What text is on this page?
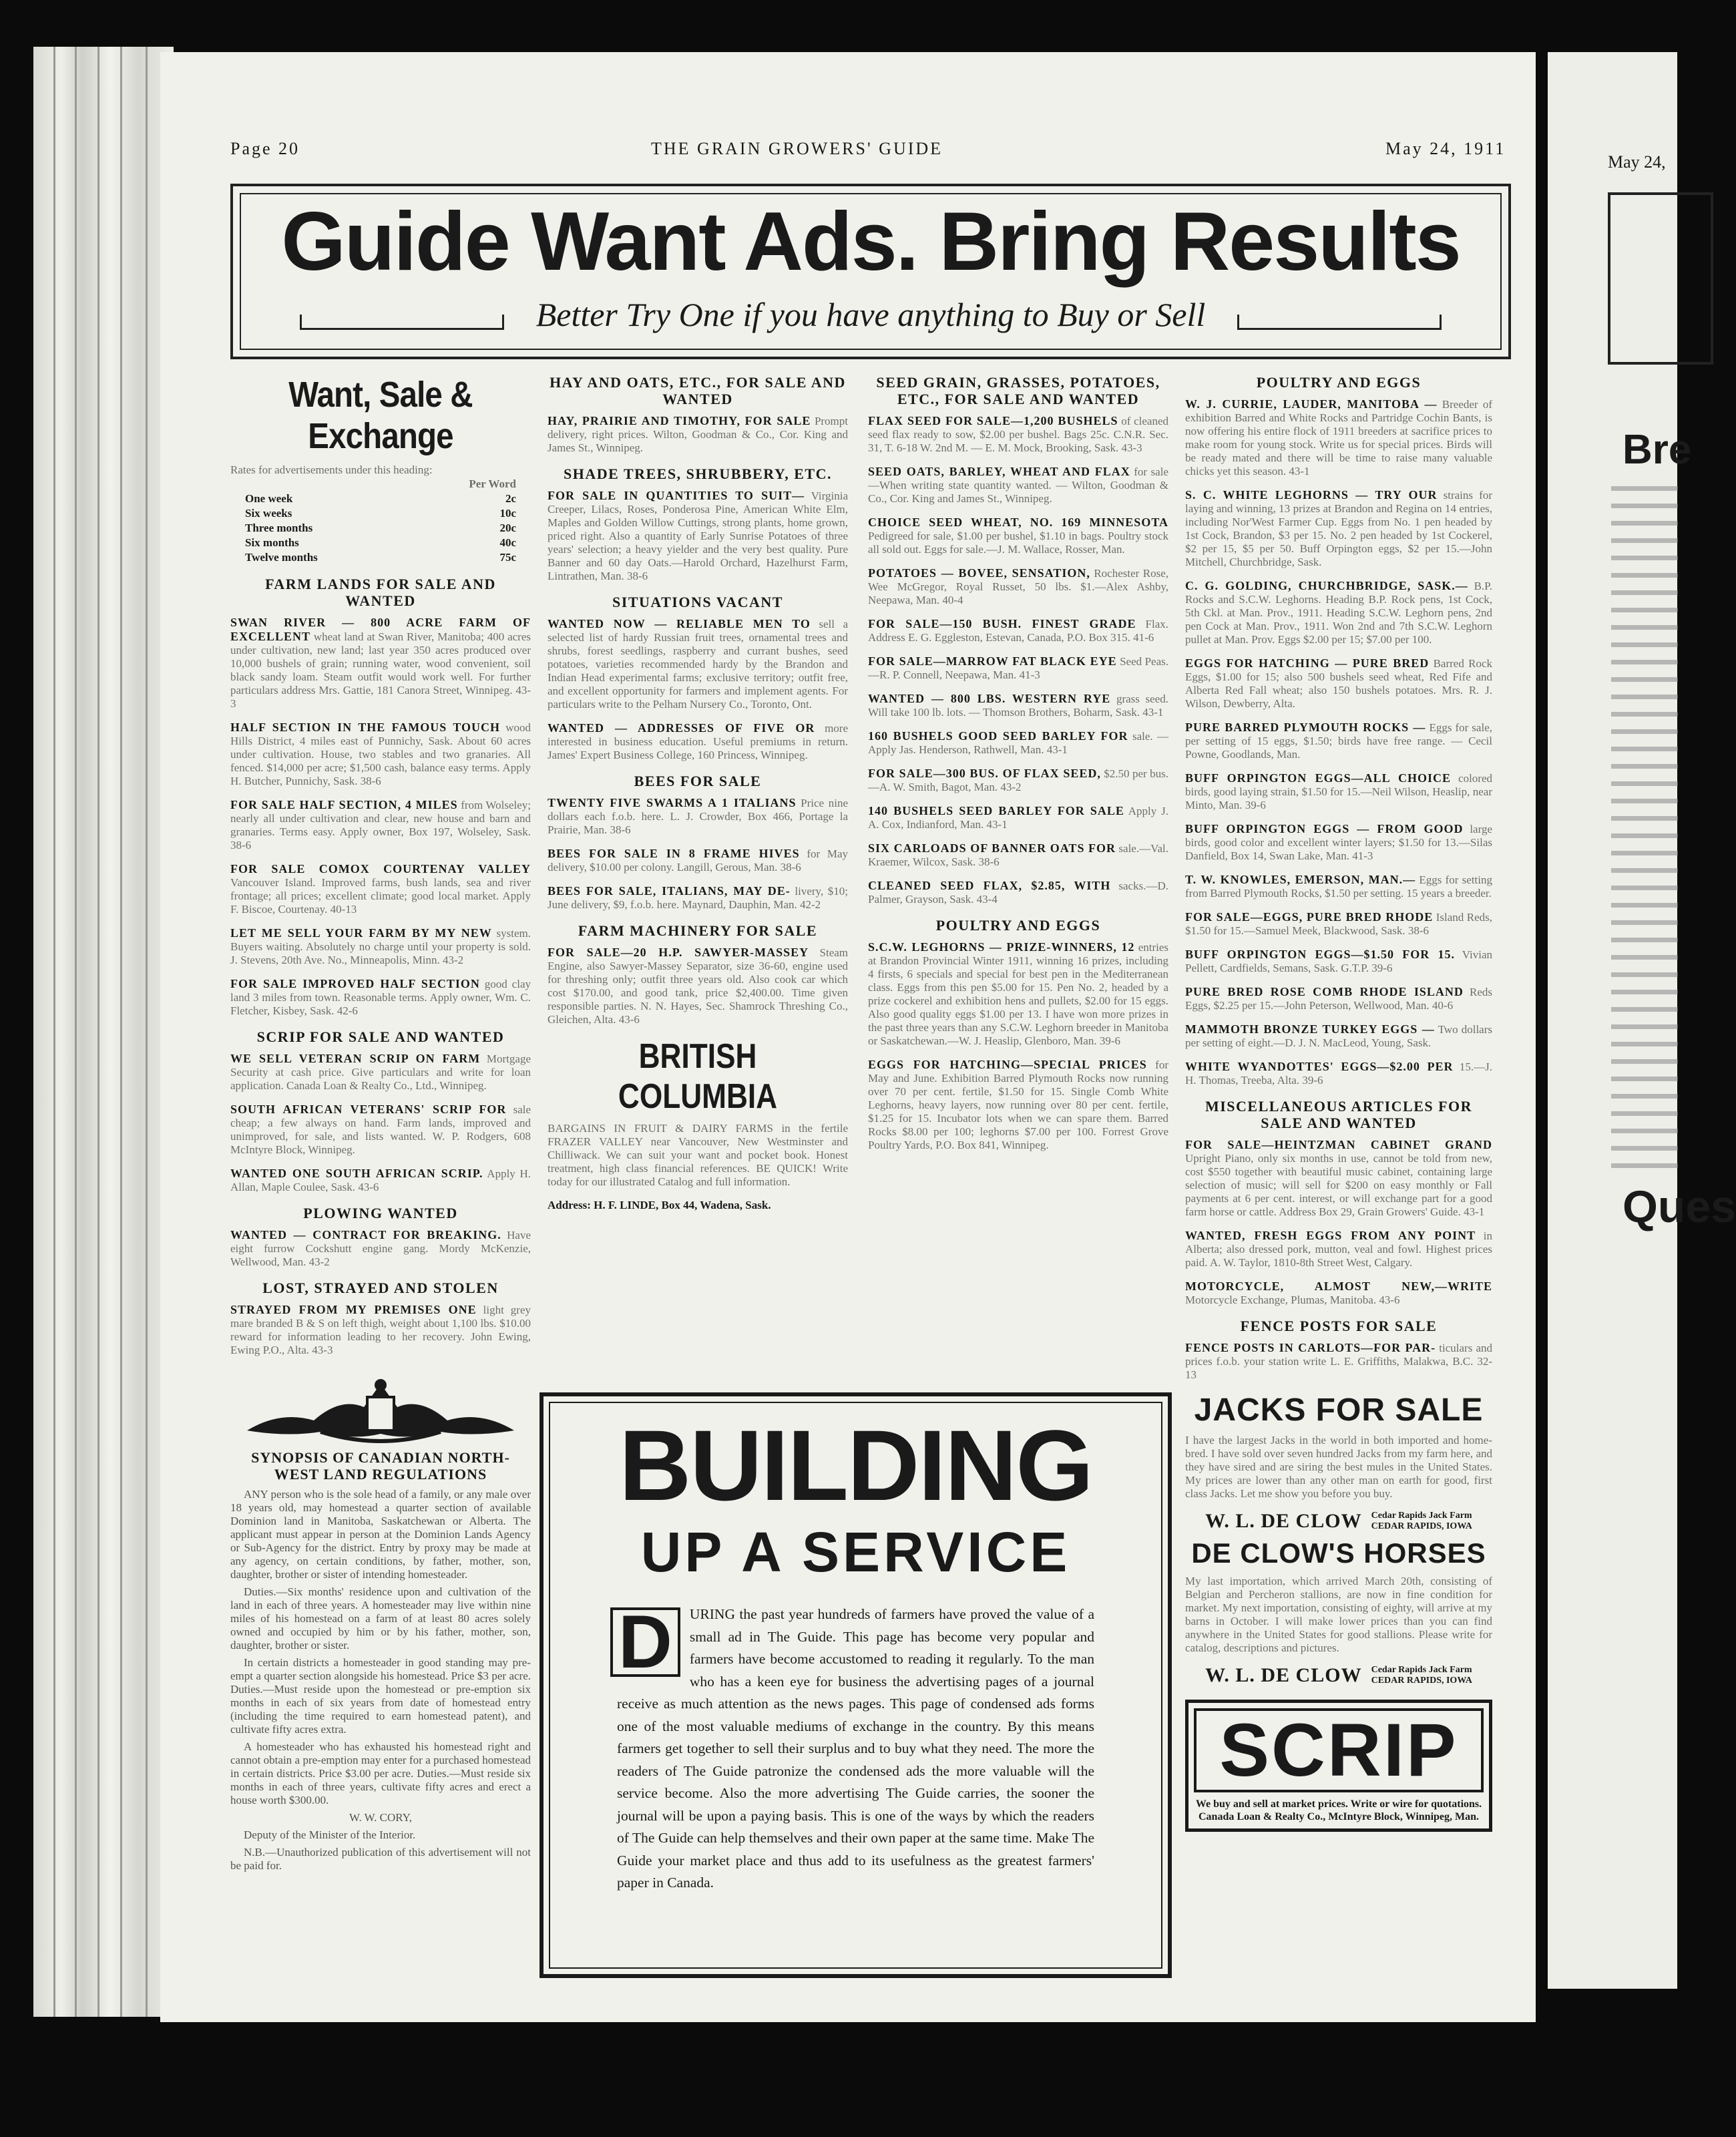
May 24,
Bre
Ques
Page 20	THE GRAIN GROWERS' GUIDE	May 24, 1911
Guide Want Ads. Bring Results
Better Try One if you have anything to Buy or Sell
Want, Sale & Exchange
Rates for advertisements under this heading:
Per Word
One week	2c
Six weeks	10c
Three months	20c
Six months	40c
Twelve months	75c
FARM LANDS FOR SALE AND WANTED
SWAN RIVER — 800 ACRE FARM OF EXCELLENT wheat land at Swan River, Manitoba; 400 acres under cultivation, new land; last year 350 acres produced over 10,000 bushels of grain; running water, wood convenient, soil black sandy loam. Steam outfit would work well. For further particulars address Mrs. Gattie, 181 Canora Street, Winnipeg. 43-3
HALF SECTION IN THE FAMOUS TOUCH wood Hills District, 4 miles east of Punnichy, Sask. About 60 acres under cultivation. House, two stables and two granaries. All fenced. $14,000 per acre; $1,500 cash, balance easy terms. Apply H. Butcher, Punnichy, Sask. 38-6
FOR SALE HALF SECTION, 4 MILES from Wolseley; nearly all under cultivation and clear, new house and barn and granaries. Terms easy. Apply owner, Box 197, Wolseley, Sask. 38-6
FOR SALE COMOX COURTENAY VALLEY Vancouver Island. Improved farms, bush lands, sea and river frontage; all prices; excellent climate; good local market. Apply F. Biscoe, Courtenay. 40-13
LET ME SELL YOUR FARM BY MY NEW system. Buyers waiting. Absolutely no charge until your property is sold. J. Stevens, 20th Ave. No., Minneapolis, Minn. 43-2
FOR SALE IMPROVED HALF SECTION good clay land 3 miles from town. Reasonable terms. Apply owner, Wm. C. Fletcher, Kisbey, Sask. 42-6
SCRIP FOR SALE AND WANTED
WE SELL VETERAN SCRIP ON FARM Mortgage Security at cash price. Give particulars and write for loan application. Canada Loan & Realty Co., Ltd., Winnipeg.
SOUTH AFRICAN VETERANS' SCRIP FOR sale cheap; a few always on hand. Farm lands, improved and unimproved, for sale, and lists wanted. W. P. Rodgers, 608 McIntyre Block, Winnipeg.
WANTED ONE SOUTH AFRICAN SCRIP. Apply H. Allan, Maple Coulee, Sask. 43-6
PLOWING WANTED
WANTED — CONTRACT FOR BREAKING. Have eight furrow Cockshutt engine gang. Mordy McKenzie, Wellwood, Man. 43-2
LOST, STRAYED AND STOLEN
STRAYED FROM MY PREMISES ONE light grey mare branded B & S on left thigh, weight about 1,100 lbs. $10.00 reward for information leading to her recovery. John Ewing, Ewing P.O., Alta. 43-3
SYNOPSIS OF CANADIAN NORTH-WEST LAND REGULATIONS

ANY person who is the sole head of a family, or any male over 18 years old, may homestead a quarter section of available Dominion land in Manitoba, Saskatchewan or Alberta. The applicant must appear in person at the Dominion Lands Agency or Sub-Agency for the district. Entry by proxy may be made at any agency, on certain conditions, by father, mother, son, daughter, brother or sister of intending homesteader.

Duties.—Six months' residence upon and cultivation of the land in each of three years. A homesteader may live within nine miles of his homestead on a farm of at least 80 acres solely owned and occupied by him or by his father, mother, son, daughter, brother or sister.

In certain districts a homesteader in good standing may pre-empt a quarter section alongside his homestead. Price $3 per acre. Duties.—Must reside upon the homestead or pre-emption six months in each of six years from date of homestead entry (including the time required to earn homestead patent), and cultivate fifty acres extra.

A homesteader who has exhausted his homestead right and cannot obtain a pre-emption may enter for a purchased homestead in certain districts. Price $3.00 per acre. Duties.—Must reside six months in each of three years, cultivate fifty acres and erect a house worth $300.00.

W. W. CORY,

Deputy of the Minister of the Interior.

N.B.—Unauthorized publication of this advertisement will not be paid for.

HAY AND OATS, ETC., FOR SALE AND WANTED
HAY, PRAIRIE AND TIMOTHY, FOR SALE Prompt delivery, right prices. Wilton, Goodman & Co., Cor. King and James St., Winnipeg.
SHADE TREES, SHRUBBERY, ETC.
FOR SALE IN QUANTITIES TO SUIT— Virginia Creeper, Lilacs, Roses, Ponderosa Pine, American White Elm, Maples and Golden Willow Cuttings, strong plants, home grown, priced right. Also a quantity of Early Sunrise Potatoes of three years' selection; a heavy yielder and the very best quality. Pure Banner and 60 day Oats.—Harold Orchard, Hazelhurst Farm, Lintrathen, Man. 38-6
SITUATIONS VACANT
WANTED NOW — RELIABLE MEN TO sell a selected list of hardy Russian fruit trees, ornamental trees and shrubs, forest seedlings, raspberry and currant bushes, seed potatoes, varieties recommended hardy by the Brandon and Indian Head experimental farms; exclusive territory; outfit free, and excellent opportunity for farmers and implement agents. For particulars write to the Pelham Nursery Co., Toronto, Ont.
WANTED — ADDRESSES OF FIVE OR more interested in business education. Useful premiums in return. James' Expert Business College, 160 Princess, Winnipeg.
BEES FOR SALE
TWENTY FIVE SWARMS A 1 ITALIANS Price nine dollars each f.o.b. here. L. J. Crowder, Box 466, Portage la Prairie, Man. 38-6
BEES FOR SALE IN 8 FRAME HIVES for May delivery, $10.00 per colony. Langill, Gerous, Man. 38-6
BEES FOR SALE, ITALIANS, MAY DE- livery, $10; June delivery, $9, f.o.b. here. Maynard, Dauphin, Man. 42-2
FARM MACHINERY FOR SALE
FOR SALE—20 H.P. SAWYER-MASSEY Steam Engine, also Sawyer-Massey Separator, size 36-60, engine used for threshing only; outfit three years old. Also cook car which cost $170.00, and good tank, price $2,400.00. Time given responsible parties. N. N. Hayes, Sec. Shamrock Threshing Co., Gleichen, Alta. 43-6
BRITISH COLUMBIA
BARGAINS IN FRUIT & DAIRY FARMS in the fertile FRAZER VALLEY near Vancouver, New Westminster and Chilliwack. We can suit your want and pocket book. Honest treatment, high class financial references. BE QUICK! Write today for our illustrated Catalog and full information.
Address: H. F. LINDE, Box 44, Wadena, Sask.
SEED GRAIN, GRASSES, POTATOES, ETC., FOR SALE AND WANTED
FLAX SEED FOR SALE—1,200 BUSHELS of cleaned seed flax ready to sow, $2.00 per bushel. Bags 25c. C.N.R. Sec. 31, T. 6-18 W. 2nd M. — E. M. Mock, Brooking, Sask. 43-3
SEED OATS, BARLEY, WHEAT AND FLAX for sale—When writing state quantity wanted. — Wilton, Goodman & Co., Cor. King and James St., Winnipeg.
CHOICE SEED WHEAT, NO. 169 MINNESOTA Pedigreed for sale, $1.00 per bushel, $1.10 in bags. Poultry stock all sold out. Eggs for sale.—J. M. Wallace, Rosser, Man.
POTATOES — BOVEE, SENSATION, Rochester Rose, Wee McGregor, Royal Russet, 50 lbs. $1.—Alex Ashby, Neepawa, Man. 40-4
FOR SALE—150 BUSH. FINEST GRADE Flax. Address E. G. Eggleston, Estevan, Canada, P.O. Box 315. 41-6
FOR SALE—MARROW FAT BLACK EYE Seed Peas.—R. P. Connell, Neepawa, Man. 41-3
WANTED — 800 LBS. WESTERN RYE grass seed. Will take 100 lb. lots. — Thomson Brothers, Boharm, Sask. 43-1
160 BUSHELS GOOD SEED BARLEY FOR sale. — Apply Jas. Henderson, Rathwell, Man. 43-1
FOR SALE—300 BUS. OF FLAX SEED, $2.50 per bus.—A. W. Smith, Bagot, Man. 43-2
140 BUSHELS SEED BARLEY FOR SALE Apply J. A. Cox, Indianford, Man. 43-1
SIX CARLOADS OF BANNER OATS FOR sale.—Val. Kraemer, Wilcox, Sask. 38-6
CLEANED SEED FLAX, $2.85, WITH sacks.—D. Palmer, Grayson, Sask. 43-4
POULTRY AND EGGS
S.C.W. LEGHORNS — PRIZE-WINNERS, 12 entries at Brandon Provincial Winter 1911, winning 16 prizes, including 4 firsts, 6 specials and special for best pen in the Mediterranean class. Eggs from this pen $5.00 for 15. Pen No. 2, headed by a prize cockerel and exhibition hens and pullets, $2.00 for 15 eggs. Also good quality eggs $1.00 per 13. I have won more prizes in the past three years than any S.C.W. Leghorn breeder in Manitoba or Saskatchewan.—W. J. Heaslip, Glenboro, Man. 39-6
EGGS FOR HATCHING—SPECIAL PRICES for May and June. Exhibition Barred Plymouth Rocks now running over 70 per cent. fertile, $1.50 for 15. Single Comb White Leghorns, heavy layers, now running over 80 per cent. fertile, $1.25 for 15. Incubator lots when we can spare them. Barred Rocks $8.00 per 100; leghorns $7.00 per 100. Forrest Grove Poultry Yards, P.O. Box 841, Winnipeg.
POULTRY AND EGGS
W. J. CURRIE, LAUDER, MANITOBA — Breeder of exhibition Barred and White Rocks and Partridge Cochin Bants, is now offering his entire flock of 1911 breeders at sacrifice prices to make room for young stock. Write us for special prices. Birds will be ready mated and there will be time to raise many valuable chicks yet this season. 43-1
S. C. WHITE LEGHORNS — TRY OUR strains for laying and winning, 13 prizes at Brandon and Regina on 14 entries, including Nor'West Farmer Cup. Eggs from No. 1 pen headed by 1st Cock, Brandon, $3 per 15. No. 2 pen headed by 1st Cockerel, $2 per 15, $5 per 50. Buff Orpington eggs, $2 per 15.—John Mitchell, Churchbridge, Sask.
C. G. GOLDING, CHURCHBRIDGE, SASK.— B.P. Rocks and S.C.W. Leghorns. Heading B.P. Rock pens, 1st Cock, 5th Ckl. at Man. Prov., 1911. Heading S.C.W. Leghorn pens, 2nd pen Cock at Man. Prov., 1911. Won 2nd and 7th S.C.W. Leghorn pullet at Man. Prov. Eggs $2.00 per 15; $7.00 per 100.
EGGS FOR HATCHING — PURE BRED Barred Rock Eggs, $1.00 for 15; also 500 bushels seed wheat, Red Fife and Alberta Red Fall wheat; also 150 bushels potatoes. Mrs. R. J. Wilson, Dewberry, Alta.
PURE BARRED PLYMOUTH ROCKS — Eggs for sale, per setting of 15 eggs, $1.50; birds have free range. — Cecil Powne, Goodlands, Man.
BUFF ORPINGTON EGGS—ALL CHOICE colored birds, good laying strain, $1.50 for 15.—Neil Wilson, Heaslip, near Minto, Man. 39-6
BUFF ORPINGTON EGGS — FROM GOOD large birds, good color and excellent winter layers; $1.50 for 13.—Silas Danfield, Box 14, Swan Lake, Man. 41-3
T. W. KNOWLES, EMERSON, MAN.— Eggs for setting from Barred Plymouth Rocks, $1.50 per setting. 15 years a breeder.
FOR SALE—EGGS, PURE BRED RHODE Island Reds, $1.50 for 15.—Samuel Meek, Blackwood, Sask. 38-6
BUFF ORPINGTON EGGS—$1.50 FOR 15. Vivian Pellett, Cardfields, Semans, Sask. G.T.P. 39-6
PURE BRED ROSE COMB RHODE ISLAND Reds Eggs, $2.25 per 15.—John Peterson, Wellwood, Man. 40-6
MAMMOTH BRONZE TURKEY EGGS — Two dollars per setting of eight.—D. J. N. MacLeod, Young, Sask.
WHITE WYANDOTTES' EGGS—$2.00 PER 15.—J. H. Thomas, Treeba, Alta. 39-6
MISCELLANEOUS ARTICLES FOR SALE AND WANTED
FOR SALE—HEINTZMAN CABINET GRAND Upright Piano, only six months in use, cannot be told from new, cost $550 together with beautiful music cabinet, containing large selection of music; will sell for $200 on easy monthly or Fall payments at 6 per cent. interest, or will exchange part for a good farm horse or cattle. Address Box 29, Grain Growers' Guide. 43-1
WANTED, FRESH EGGS FROM ANY POINT in Alberta; also dressed pork, mutton, veal and fowl. Highest prices paid. A. W. Taylor, 1810-8th Street West, Calgary.
MOTORCYCLE, ALMOST NEW,—WRITE Motorcycle Exchange, Plumas, Manitoba. 43-6
FENCE POSTS FOR SALE
FENCE POSTS IN CARLOTS—FOR PAR- ticulars and prices f.o.b. your station write L. E. Griffiths, Malakwa, B.C. 32-13
JACKS FOR SALE
I have the largest Jacks in the world in both imported and home-bred. I have sold over seven hundred Jacks from my farm here, and they have sired and are siring the best mules in the United States. My prices are lower than any other man on earth for good, first class Jacks. Let me show you before you buy.
W. L. DE CLOW Cedar Rapids Jack Farm
CEDAR RAPIDS, IOWA
DE CLOW'S HORSES
My last importation, which arrived March 20th, consisting of Belgian and Percheron stallions, are now in fine condition for market. My next importation, consisting of eighty, will arrive at my barns in October. I will make lower prices than you can find anywhere in the United States for good stallions. Please write for catalog, descriptions and pictures.
W. L. DE CLOW Cedar Rapids Jack Farm
CEDAR RAPIDS, IOWA
SCRIP
We buy and sell at market prices. Write or wire for quotations. Canada Loan & Realty Co., McIntyre Block, Winnipeg, Man.
BUILDING
UP A SERVICE
D	URING the past year hundreds of farmers have proved the value of a small ad in The Guide. This page has become very popular and farmers have become accustomed to reading it regularly. To the man who has a keen eye for business the advertising pages of a journal receive as much attention as the news pages. This page of condensed ads forms one of the most valuable mediums of exchange in the country. By this means farmers get together to sell their surplus and to buy what they need. The more the readers of The Guide patronize the condensed ads the more valuable will the service become. Also the more advertising The Guide carries, the sooner the journal will be upon a paying basis. This is one of the ways by which the readers of The Guide can help themselves and their own paper at the same time. Make The Guide your market place and thus add to its usefulness as the greatest farmers' paper in Canada.
